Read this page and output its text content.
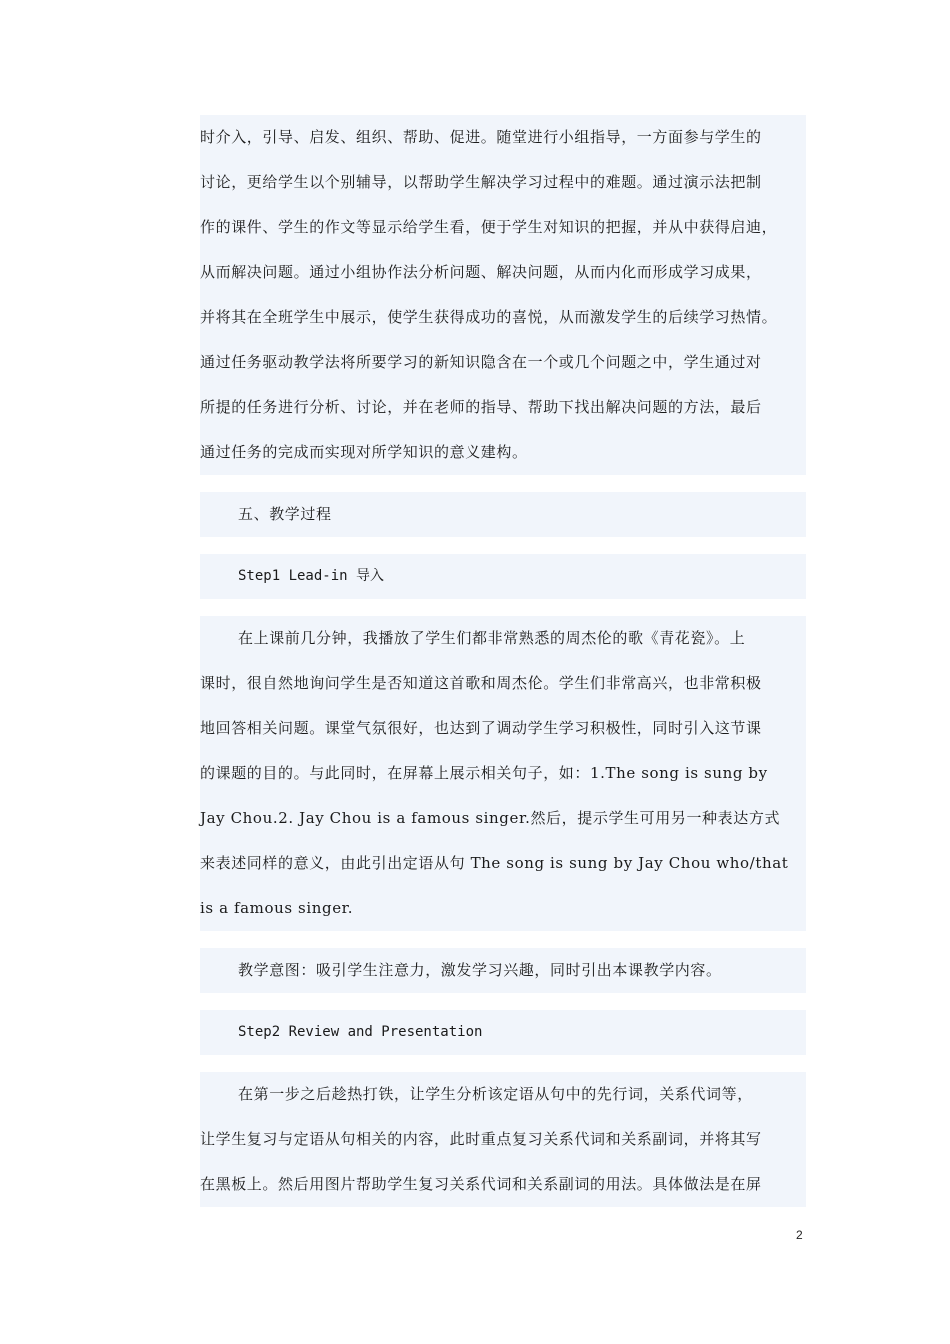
时介入，引导、启发、组织、帮助、促进。随堂进行小组指导，一方面参与学生的
讨论，更给学生以个别辅导，以帮助学生解决学习过程中的难题。通过演示法把制
作的课件、学生的作文等显示给学生看，便于学生对知识的把握，并从中获得启迪，
从而解决问题。通过小组协作法分析问题、解决问题，从而内化而形成学习成果，
并将其在全班学生中展示，使学生获得成功的喜悦，从而激发学生的后续学习热情。
通过任务驱动教学法将所要学习的新知识隐含在一个或几个问题之中，学生通过对
所提的任务进行分析、讨论，并在老师的指导、帮助下找出解决问题的方法，最后
通过任务的完成而实现对所学知识的意义建构。
五、教学过程
Step1 Lead-in 导入
在上课前几分钟，我播放了学生们都非常熟悉的周杰伦的歌《青花瓷》。上
课时，很自然地询问学生是否知道这首歌和周杰伦。学生们非常高兴，也非常积极
地回答相关问题。课堂气氛很好，也达到了调动学生学习积极性，同时引入这节课
的课题的目的。与此同时，在屏幕上展示相关句子，如：1.The song is sung by
Jay Chou.2. Jay Chou is a famous singer.然后，提示学生可用另一种表达方式
来表述同样的意义，由此引出定语从句 The song is sung by Jay Chou who/that
is a famous singer.
教学意图：吸引学生注意力，激发学习兴趣，同时引出本课教学内容。
Step2 Review and Presentation
在第一步之后趁热打铁，让学生分析该定语从句中的先行词，关系代词等，
让学生复习与定语从句相关的内容，此时重点复习关系代词和关系副词，并将其写
在黑板上。然后用图片帮助学生复习关系代词和关系副词的用法。具体做法是在屏
2
